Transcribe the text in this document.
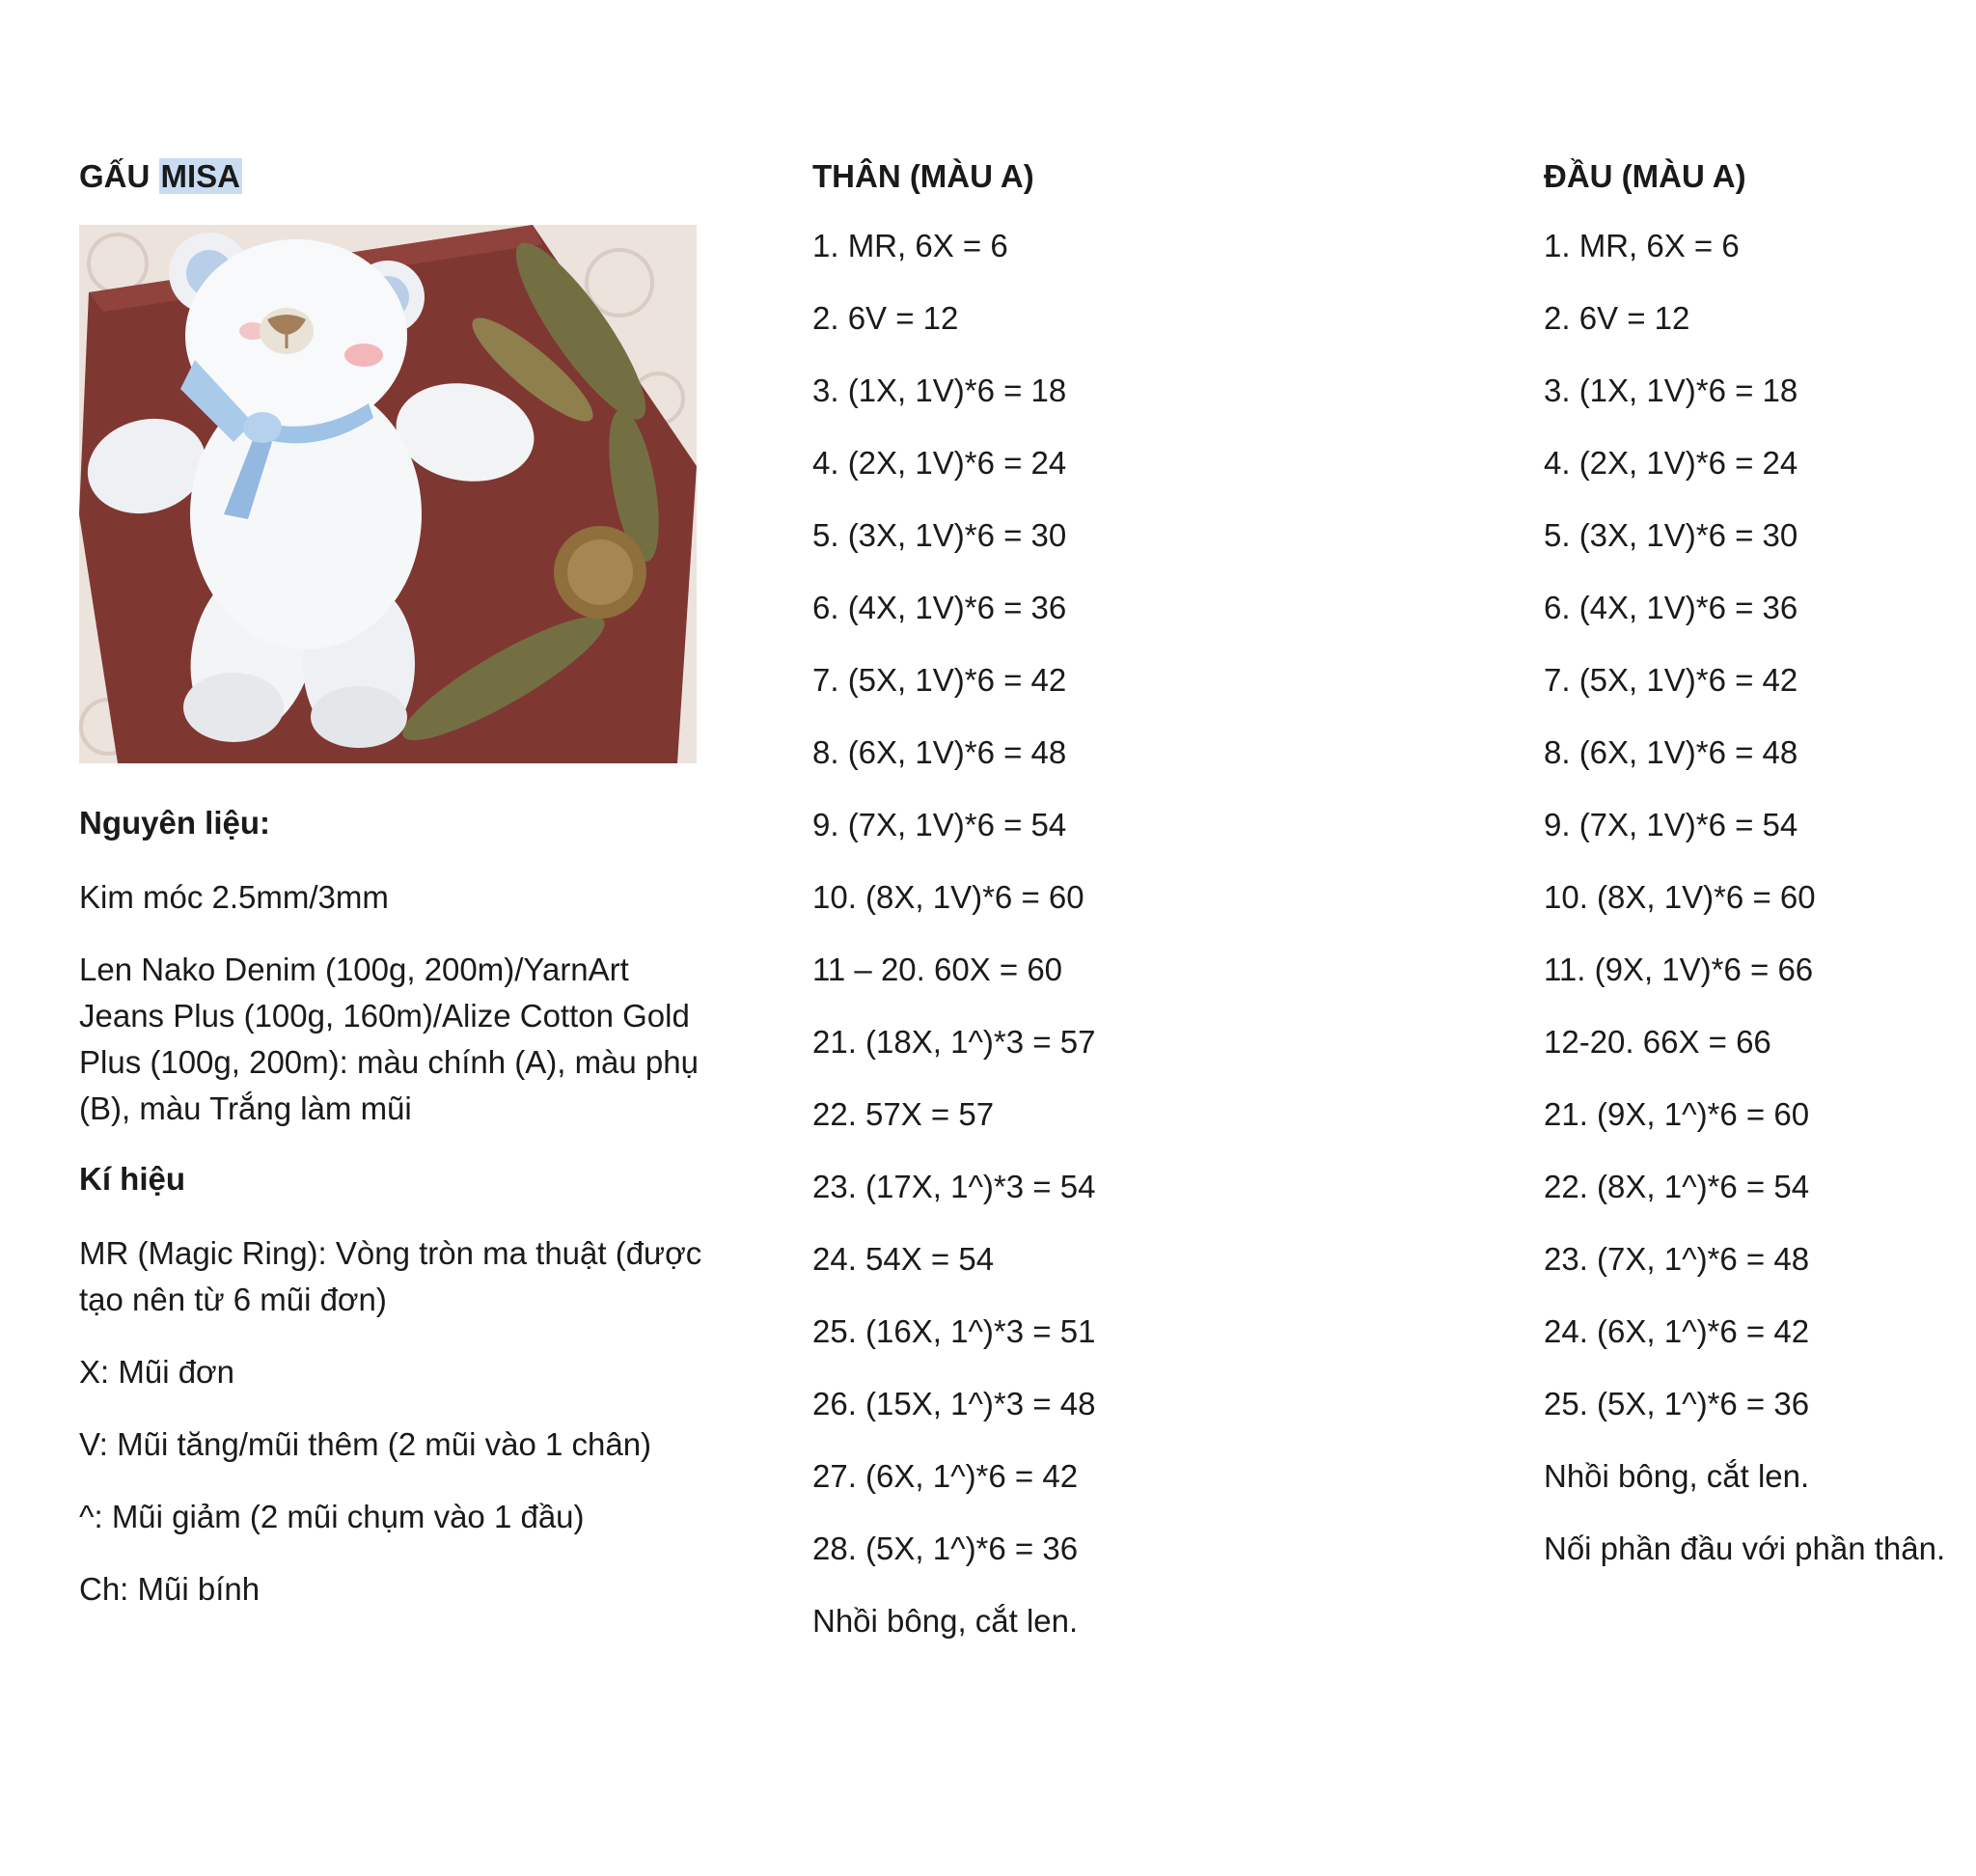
GẤU MISA
Nguyên liệu:
Kim móc 2.5mm/3mm
Len Nako Denim (100g, 200m)/YarnArt Jeans Plus (100g, 160m)/Alize Cotton Gold Plus (100g, 200m): màu chính (A), màu phụ (B), màu Trắng làm mũi
Kí hiệu
MR (Magic Ring): Vòng tròn ma thuật (được tạo nên từ 6 mũi đơn)
X: Mũi đơn
V: Mũi tăng/mũi thêm (2 mũi vào 1 chân)
^: Mũi giảm (2 mũi chụm vào 1 đầu)
Ch: Mũi bính
THÂN (MÀU A)
1. MR, 6X = 6
2. 6V = 12
3. (1X, 1V)*6 = 18
4. (2X, 1V)*6 = 24
5. (3X, 1V)*6 = 30
6. (4X, 1V)*6 = 36
7. (5X, 1V)*6 = 42
8. (6X, 1V)*6 = 48
9. (7X, 1V)*6 = 54
10. (8X, 1V)*6 = 60
11 – 20. 60X = 60
21. (18X, 1^)*3 = 57
22. 57X = 57
23. (17X, 1^)*3 = 54
24. 54X = 54
25. (16X, 1^)*3 = 51
26. (15X, 1^)*3 = 48
27. (6X, 1^)*6 = 42
28. (5X, 1^)*6 = 36
Nhồi bông, cắt len.
ĐẦU (MÀU A)
1. MR, 6X = 6
2. 6V = 12
3. (1X, 1V)*6 = 18
4. (2X, 1V)*6 = 24
5. (3X, 1V)*6 = 30
6. (4X, 1V)*6 = 36
7. (5X, 1V)*6 = 42
8. (6X, 1V)*6 = 48
9. (7X, 1V)*6 = 54
10. (8X, 1V)*6 = 60
11. (9X, 1V)*6 = 66
12-20. 66X = 66
21. (9X, 1^)*6 = 60
22. (8X, 1^)*6 = 54
23. (7X, 1^)*6 = 48
24. (6X, 1^)*6 = 42
25. (5X, 1^)*6 = 36
Nhồi bông, cắt len.
Nối phần đầu với phần thân.
